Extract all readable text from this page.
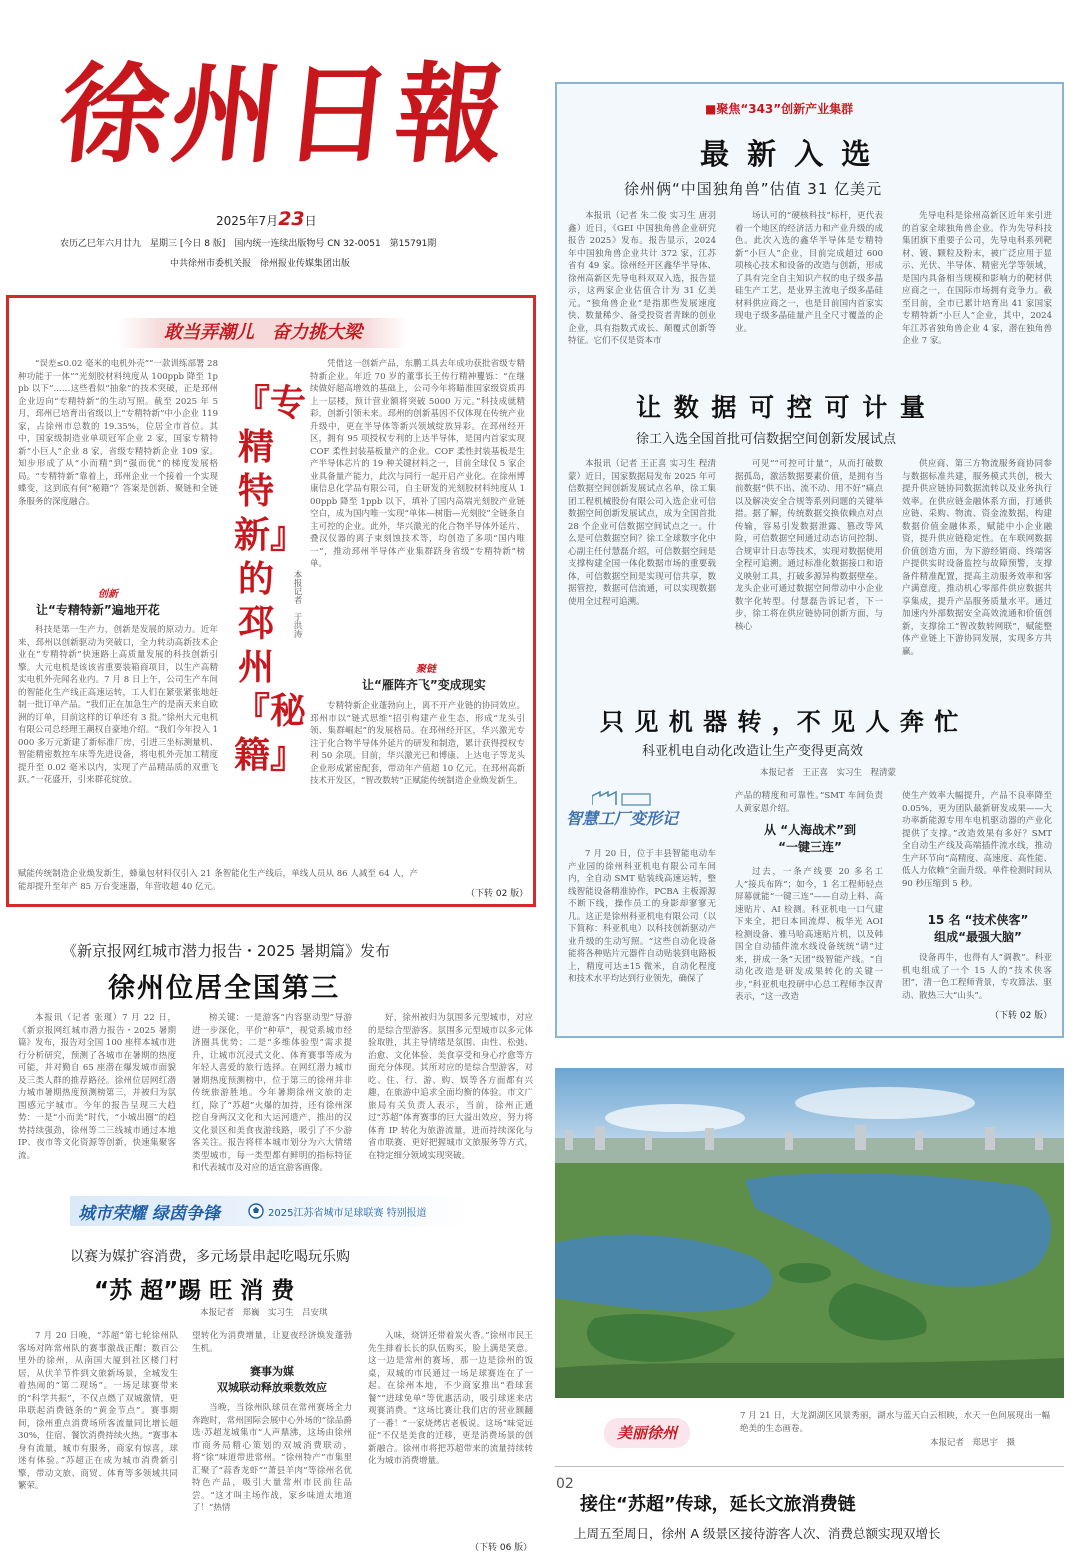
徐州日報
2025年7月23日
农历乙巳年六月廿九　星期三 [今日 8 版]　国内统一连续出版物号 CN 32-0051　第15791期
中共徐州市委机关报　徐州报业传媒集团出版
■聚焦“343”创新产业集群
最 新 入 选
徐州俩“中国独角兽”估值 31 亿美元

本报讯（记者 朱二俊 实习生 唐羽鑫）近日，《GEI 中国独角兽企业研究报告 2025》发布。报告显示，2024 年中国独角兽企业共计 372 家，江苏省有 49 家。徐州经开区鑫华半导体、徐州高新区先导电科双双入选，报告显示，这两家企业估值合计为 31 亿美元。“独角兽企业”是指那些发展速度快、数量稀少、备受投资者青睐的创业企业，具有指数式成长、颠覆式创新等特征。它们不仅是资本市

场认可的“硬核科技”标杆，更代表着一个地区的经济活力和产业升级的成色。此次入选的鑫华半导体是专精特新“小巨人”企业，目前完成超过 600 项核心技术和设备的改造与创新，形成了具有完全自主知识产权的电子级多晶硅生产工艺，是业界主流电子级多晶硅材料供应商之一，也是目前国内首家实现电子级多晶硅量产且全尺寸覆盖的企业。

先导电科是徐州高新区近年来引进的首家全球独角兽企业。作为先导科技集团旗下重要子公司，先导电科系列靶材、镀、颗粒及粉末，被广泛应用于显示、光伏、半导体、精密光学等领域，是国内具备相当规模和影响力的靶材供应商之一，在国际市场拥有竞争力。截至目前，全市已累计培育出 41 家国家专精特新“小巨人”企业，其中，2024 年江苏省独角兽企业 4 家，潜在独角兽企业 7 家。

让 数 据 可 控 可 计 量
徐工入选全国首批可信数据空间创新发展试点

本报讯（记者 王正喜 实习生 程清蒙）近日，国家数据局发布 2025 年可信数据空间创新发展试点名单，徐工集团工程机械股份有限公司入选企业可信数据空间创新发展试点，成为全国首批 28 个企业可信数据空间试点之一。什么是可信数据空间？徐工全球数字化中心副主任付慧磊介绍，可信数据空间是支撑构建全国一体化数据市场的重要载体，可信数据空间是实现可信共享，数据管控，数据可信流通，可以实现数据使用全过程可追溯。

可见”“可控可计量”，从而打破数据孤岛，激活数据要素价值，是拥有当前数据“供不出、流不动、用不好”痛点以及解决安全合规等系列问题的关键举措。据了解，传统数据交换依赖点对点传输，容易引发数据泄露、篡改等风险，可信数据空间通过动态访问控制、合规审计日志等技术，实现对数据使用全程可追溯。通过标准化数据接口和语义映射工具，打破多源异构数据壁垒。龙头企业可通过数据空间带动中小企业数字化转型。付慧磊告诉记者，下一步，徐工将在供应链协同创新方面，与核心

供应商、第三方物流服务商协同参与数据标准共建，服务模式共创，极大提升供应链协同数据流转以及业务执行效率。在供应链金融体系方面，打通供应链、采购、物流、资金流数据，构建数据价值金融体系，赋能中小企业融资，提升供应链稳定性。在车联网数据价值创造方面，为下游经销商、终端客户提供实时设备监控与故障预警，支撑备件精准配置，提高主动服务效率和客户满意度。推动机心零部件供应数据共享集成，提升产品服务质量水平。通过加速内外部数据安全高效流通和价值创新，支撑徐工“智改数转网联”，赋能整体产业链上下游协同发展，实现多方共赢。

只 见 机 器 转 ，不 见 人 奔 忙
科亚机电自动化改造让生产变得更高效
本报记者　王正喜　实习生　程清蒙
智慧工厂变形记

7 月 20 日，位于丰县智能电动车产业园的徐州科亚机电有限公司车间内，全自动 SMT 贴装线高速运转，整线智能设备精准协作，PCBA 主板源源不断下线，操作员工的身影却寥寥无几。这正是徐州科亚机电有限公司（以下简称：科亚机电）以科技创新驱动产业升级的生动写照。“这些自动化设备能将各种贴片元器件自动贴装到电路板上，精度可达±15 微米，自动化程度和技术水平均达到行业领先，确保了

产品的精度和可靠性。”SMT 车间负责人黄家恩介绍。

从 “人海战术”到
“一键三连”

过去，一条产线要 20 多名工人“接兵布阵”；如今，1 名工程师轻点屏幕就能“一键三连”——自动上料、高速贴片、AI 检测。科亚机电一口气建下来全，把日本回流焊、板华光 AOI 检测设备、雅马哈高速贴片机，以及韩国全自动插件流水线设备统统“请”过来，拼成一条“天团”级智能产线。“自动化改造是研发成果转化的关键一步，”科亚机电投研中心总工程师李汉青表示，“这一改造

使生产效率大幅提升，产品不良率降至 0.05%，更为团队最新研发成果——大功率新能源专用车电机驱动器的产业化提供了支撑。”改造效果有多好？SMT 全自动生产线及高端插件流水线，推动生产环节向“高精度、高速度、高性能、低人力依赖”全面升级。单件检测时间从 90 秒压缩到 5 秒。

15 名 “技术侠客”
组成“最强大脑”

设备再牛，也得有人“调教”。科亚机电组成了一个 15 人的“技术侠客团”，清一色工程师背景，专攻算法、驱动、散热三大“山头”。

（下转 02 版）
敢当弄潮儿　奋力挑大梁

“误差≤0.02 毫米的电机外壳”“一款训练部署 28 种功能于一体”“光刻胶材料纯度从 100ppb 降至 1ppb 以下”……这些看似“抽象”的技术突破，正是邳州企业迈向“专精特新”的生动写照。截至 2025 年 5 月，邳州已培育出省级以上“专精特新”中小企业 119 家，占徐州市总数的 19.35%，位居全市首位。其中，国家级制造业单项冠军企业 2 家，国家专精特新“小巨人”企业 8 家，省级专精特新企业 109 家。知步形成了从“小而精”到“强而优”的梯度发展格局。“专精特新”靠着上，邳州企业一个接着一个实现蝶变，这到底有何“秘籍”？答案是创新、聚链和全链条服务的深度融合。

创新
让“专精特新”遍地开花

科技是第一生产力，创新是发展的原动力。近年来，邳州以创新驱动为突破口，全力转动高新技术企业在“专精特新”快速路上高质量发展的科技创新引擎。大元电机是该该省重要装箱商项目，以生产高精实电机外壳闻名业内。7 月 8 日上午，公司生产车间的智能化生产线正高速运转，工人们在紧张紧张地赶制一批订单产品。“我们正在加急生产的是南天来自欧洲的订单，目前这样的订单还有 3 批。”徐州大元电机有限公司总经理王潮权自豪地介绍。“我们今年投入 1000 多万元新建了新标准厂房，引进三坐标测量机、智能精密数控车床等先进设备，将电机外壳加工精度提升至 0.02 毫米以内，实现了产品精品质的双重飞跃。”一花盛开，引来群花绽放。

『专精特新』的邳州『秘籍』
本报记者　于洪涛

凭借这一创新产品，东鹏工具去年成功获批省级专精特新企业。年近 70 岁的董事长王传行精神矍铄：“在继续做好超高增效的基础上，公司今年将瞄准国家级资质再上一层楼，预计营业额将突破 5000 万元。”科技成就精彩，创新引领未来。邳州的创新基因不仅体现在传统产业升级中，更在半导体等新兴领域绽放异彩。在邳州经开区，拥有 95 项授权专利的上达半导体，是国内首家实现 COF 柔性封装基板量产的企业。COF 柔性封装基板是生产半导体芯片的 19 种关键材料之一，目前全球仅 5 家企业具备量产能力，此次与同行一起开启产业化。在徐州博康信息化学品有限公司，自主研发的光刻胶材料纯度从 100ppb 降至 1ppb 以下，填补了国内高端光刻胶产业链空白，成为国内唯一实现“单体—树脂—光刻胶”全链条自主可控的企业。此外，华兴激光的化合物半导体外延片、叠汉仪器的离子束刻蚀技术等，均创造了多项“国内唯一”，推动邳州半导体产业集群跻身省级“专精特新”榜单。

聚链
让“雁阵齐飞”变成现实

专精特新企业蓬勃向上，离不开产业链的协同效应。邳州市以“链式思维”招引构建产业生态，形成“龙头引领、集群崛起”的发展格局。在邳州经开区，华兴激光专注于化合物半导体外延片的研发和制造，累计获得授权专利 50 余项。目前，华兴激光已和博康、上达电子等龙头企业形成紧密配套，带动年产值超 10 亿元。在邳州高新技术开发区，“智改数转”正赋能传统制造企业焕发新生。

赋能传统制造企业焕发新生，蜂巢包材料仅引入 21 条智能化生产线后，单线人员从 86 人减至 64 人，产能却提升至年产 85 万台变速器，年营收超 40 亿元。

（下转 02 版）
《新京报网红城市潜力报告・2025 暑期篇》发布
徐州位居全国第三

本报讯（记者 张瑾）7 月 22 日，《新京报网红城市潜力报告・2025 暑期篇》发布，报告对全国 100 座样本城市进行分析研究，预测了各城市在暑期的热度可能，并对勤自 65 座潜在爆发城市面貌及三类人群的推荐路径。徐州位居网红潜力城市暑期热度预测榜第三，并被归为氛围感元宇城市。今年的报告呈现三大趋势：一是“小而美”时代，“小城出圈”的趋势持续强劲，徐州等二三线城市通过本地 IP、夜市等文化资源等创新，快速集聚客流。

榜关键：一是游客“内容驱动型”导游进一步深化，平价“种草”，视觉系城市经济圈具优势；二是“多维体验型”需求提升，让城市沉浸式文化、体育赛事等成为年轻人喜爱的旅行选择。在网红潜力城市暑期热度预测榜中，位于第三的徐州并非传统旅游胜地。今年暑期徐州文旅的走红，除了“苏超”火爆的加持，还有徐州深挖自身两汉文化和大运河遗产，推出的汉文化景区和美食夜游线路，吸引了不少游客关注。报告将样本城市划分为六大情绪类型城市，每一类型都有鲜明的指标特征和代表城市及对应的适宜游客画像。

好，徐州被归为氛围多元型城市，对应的是综合型游客。氛围多元型城市以多元体验取胜，其主导情绪是氛围、由性、松弛、治愈、文化体验、美食享受和身心疗愈等方面充分体现。其所对应的是综合型游客，对吃、住、行、游、购、娱等各方面都有兴趣，在旅游中追求全面均衡的体验。市文广旅局有关负责人表示，当前，徐州正通过“苏超”体育赛事的巨大溢出效应，努力将体育 IP 转化为旅游流量，进而持续深化与省市联赛、更好把握城市文旅服务等方式，在特定细分领域实现突破。

城市荣耀 绿茵争锋	2025江苏省城市足球联赛 特别报道
以赛为媒扩容消费，多元场景串起吃喝玩乐购
“苏 超”踢 旺 消 费
本报记者　郑巍　实习生　吕安琪

7 月 20 日晚，“苏超”第七轮徐州队客场对阵常州队的赛事激战正酣；数百公里外的徐州，从南国大厦到社区楼门村居，从伏羊节件到文旅新场景，全城发生着热闹的“第二现场”。一场足球赛带来的“科学共振”，不仅点燃了双城激情，更串联起消费链条的“黄金节点”。赛事期间，徐州重点消费场所客流量同比增长超 30%，住宿、餐饮消费持续火热。“赛事本身有流量，城市有服务，商家有惊喜，球迷有体验。”苏超正在成为城市消费新引擎，带动文旅、商贸、体育等多领域共同繁荣。

望转化为消费增量，让夏夜经济焕发蓬勃生机。

赛事为媒
双城联动释放乘数效应

当晚，当徐州队球员在常州赛场全力奔跑时，常州国际会展中心外场的“徐品爵选·苏超龙城集市”人声鼎沸，这场由徐州市商务局精心策划的双城消费联动，将“徐”味道带进常州。“徐州特产”市集里汇聚了“蒜香龙虾”“萧县羊肉”等徐州名优特色产品，吸引大量常州市民前往品尝。“这才叫主场作战，家乡味道太地道了！”热情

入味，烧饼还带着炭火香。”徐州市民王先生排着长长的队伍购买，脸上满是笑意。这一边是常州的赛场，那一边是徐州的饭桌，双城的市民通过一场足球赛连在了一起。在徐州本地，不少商家推出“看球套餐”“进球免单”等优惠活动，吸引球迷来店观赛消费。“这场比赛让我们店的营业额翻了一番！”一家烧烤店老板说。这场“味觉远征”不仅是美食的迁移，更是消费场景的创新融合。徐州市将把苏超带来的流量持续转化为城市消费增量。

（下转 06 版）
美丽徐州

7 月 21 日，大龙湖湖区风景秀丽，湖水与蓝天白云相映，水天一色间展现出一幅绝美的生态画卷。

本报记者　郑思宇　摄
02
接住“苏超”传球，延长文旅消费链
上周五至周日，徐州 A 级景区接待游客人次、消费总额实现双增长
